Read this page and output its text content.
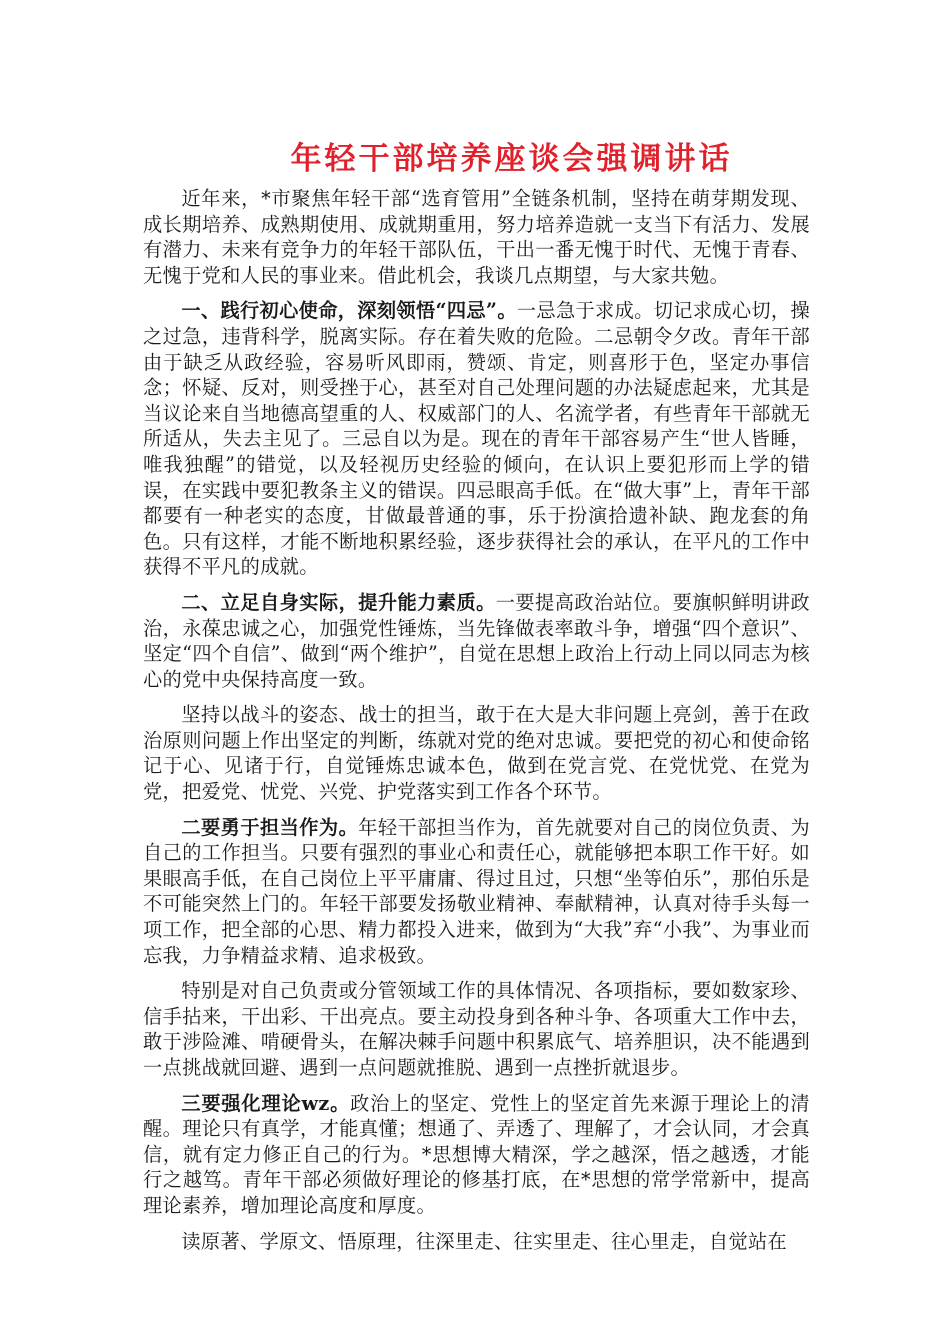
年轻干部培养座谈会强调讲话

近年来，*市聚焦年轻干部“选育管用”全链条机制，坚持在萌芽期发现、成长期培养、成熟期使用、成就期重用，努力培养造就一支当下有活力、发展有潜力、未来有竞争力的年轻干部队伍，干出一番无愧于时代、无愧于青春、无愧于党和人民的事业来。借此机会，我谈几点期望，与大家共勉。

一、践行初心使命，深刻领悟“四忌”。一忌急于求成。切记求成心切，操之过急，违背科学，脱离实际。存在着失败的危险。二忌朝令夕改。青年干部由于缺乏从政经验，容易听风即雨，赞颂、肯定，则喜形于色，坚定办事信念；怀疑、反对，则受挫于心，甚至对自己处理问题的办法疑虑起来，尤其是当议论来自当地德高望重的人、权威部门的人、名流学者，有些青年干部就无所适从，失去主见了。三忌自以为是。现在的青年干部容易产生“世人皆睡，唯我独醒”的错觉，以及轻视历史经验的倾向，在认识上要犯形而上学的错误，在实践中要犯教条主义的错误。四忌眼高手低。在“做大事”上，青年干部都要有一种老实的态度，甘做最普通的事，乐于扮演拾遗补缺、跑龙套的角色。只有这样，才能不断地积累经验，逐步获得社会的承认，在平凡的工作中获得不平凡的成就。

二、立足自身实际，提升能力素质。一要提高政治站位。要旗帜鲜明讲政治，永葆忠诚之心，加强党性锤炼，当先锋做表率敢斗争，增强“四个意识”、坚定“四个自信”、做到“两个维护”，自觉在思想上政治上行动上同以同志为核心的党中央保持高度一致。

坚持以战斗的姿态、战士的担当，敢于在大是大非问题上亮剑，善于在政治原则问题上作出坚定的判断，练就对党的绝对忠诚。要把党的初心和使命铭记于心、见诸于行，自觉锤炼忠诚本色，做到在党言党、在党忧党、在党为党，把爱党、忧党、兴党、护党落实到工作各个环节。

二要勇于担当作为。年轻干部担当作为，首先就要对自己的岗位负责、为自己的工作担当。只要有强烈的事业心和责任心，就能够把本职工作干好。如果眼高手低，在自己岗位上平平庸庸、得过且过，只想“坐等伯乐”，那伯乐是不可能突然上门的。年轻干部要发扬敬业精神、奉献精神，认真对待手头每一项工作，把全部的心思、精力都投入进来，做到为“大我”弃“小我”、为事业而忘我，力争精益求精、追求极致。

特别是对自己负责或分管领域工作的具体情况、各项指标，要如数家珍、信手拈来，干出彩、干出亮点。要主动投身到各种斗争、各项重大工作中去，敢于涉险滩、啃硬骨头，在解决棘手问题中积累底气、培养胆识，决不能遇到一点挑战就回避、遇到一点问题就推脱、遇到一点挫折就退步。

三要强化理论wz。政治上的坚定、党性上的坚定首先来源于理论上的清醒。理论只有真学，才能真懂；想通了、弄透了、理解了，才会认同，才会真信，就有定力修正自己的行为。*思想博大精深，学之越深，悟之越透，才能行之越笃。青年干部必须做好理论的修基打底，在*思想的常学常新中，提高理论素养，增加理论高度和厚度。

读原著、学原文、悟原理，往深里走、往实里走、往心里走，自觉站在
